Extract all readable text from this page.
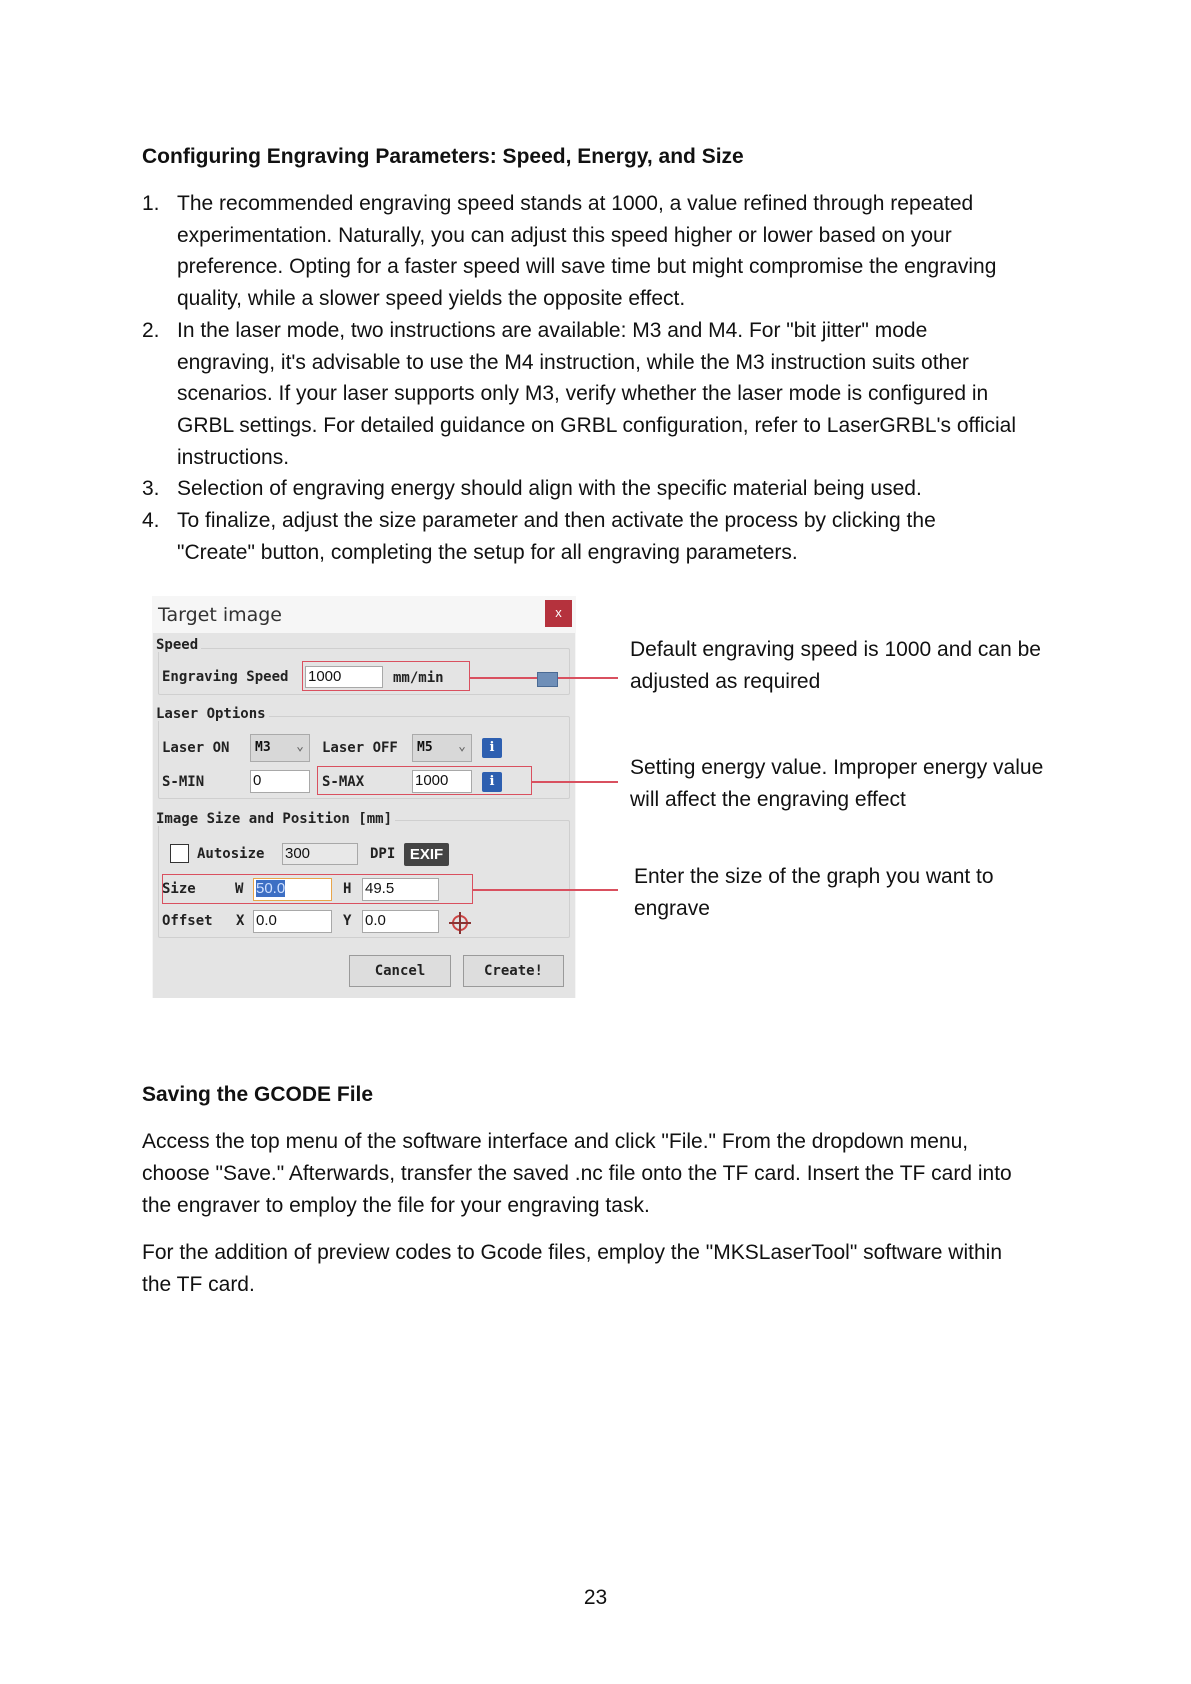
Configuring Engraving Parameters: Speed, Energy, and Size
1. The recommended engraving speed stands at 1000, a value refined through repeated
experimentation. Naturally, you can adjust this speed higher or lower based on your
preference. Opting for a faster speed will save time but might compromise the engraving
quality, while a slower speed yields the opposite effect.
2. In the laser mode, two instructions are available: M3 and M4. For "bit jitter" mode
engraving, it's advisable to use the M4 instruction, while the M3 instruction suits other
scenarios. If your laser supports only M3, verify whether the laser mode is configured in
GRBL settings. For detailed guidance on GRBL configuration, refer to LaserGRBL's official
instructions.
3. Selection of engraving energy should align with the specific material being used.
4. To finalize, adjust the size parameter and then activate the process by clicking the
"Create" button, completing the setup for all engraving parameters.
Target image	x
Speed
Engraving Speed 1000	mm/min
Laser Options
Laser ON	M3 ⌄ Laser OFF	M5 ⌄	i
S-MIN	0	S-MAX	1000	i
Image Size and Position [mm]
Autosize 300	DPI EXIF
Size	W 50.0	H 49.5
Offset X 0.0	Y 0.0
Cancel	Create!
Default engraving speed is 1000 and can be
adjusted as required
Setting energy value. Improper energy value
will affect the engraving effect
Enter the size of the graph you want to
engrave
Saving the GCODE File
Access the top menu of the software interface and click "File." From the dropdown menu,
choose "Save." Afterwards, transfer the saved .nc file onto the TF card. Insert the TF card into
the engraver to employ the file for your engraving task.
For the addition of preview codes to Gcode files, employ the "MKSLaserTool" software within
the TF card.
23
